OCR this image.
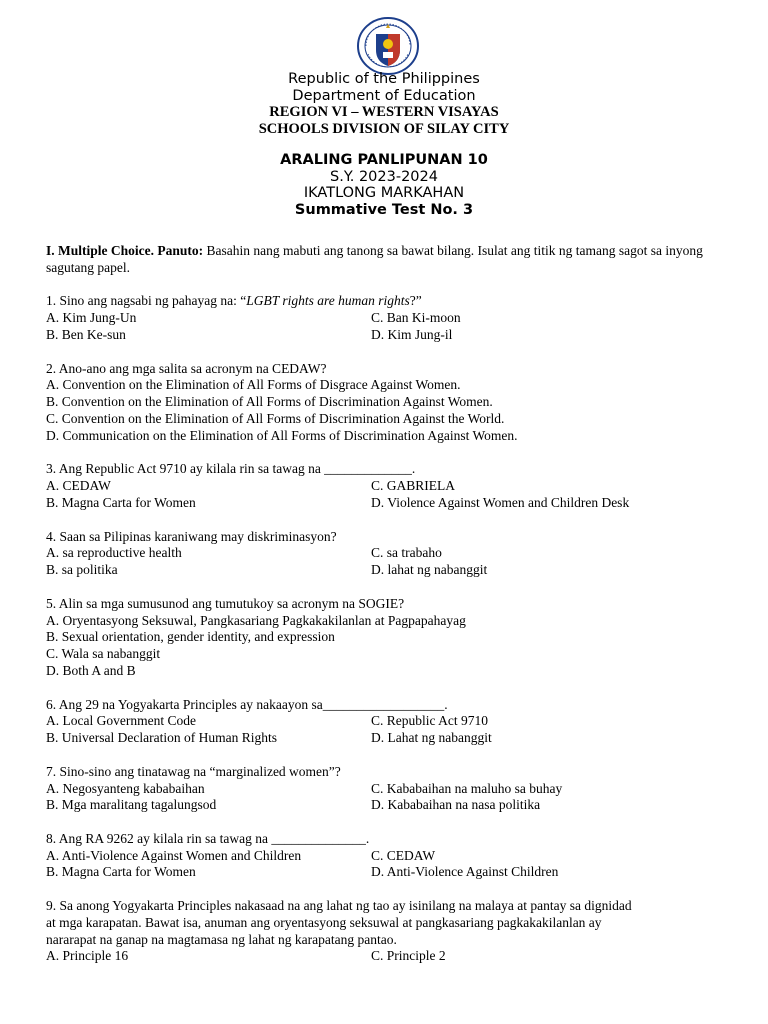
Republic of the Philippines
Department of Education
REGION VI – WESTERN VISAYAS
SCHOOLS DIVISION OF SILAY CITY
ARALING PANLIPUNAN 10
S.Y. 2023-2024
IKATLONG MARKAHAN
Summative Test No. 3
I. Multiple Choice. Panuto: Basahin nang mabuti ang tanong sa bawat bilang. Isulat ang titik ng tamang sagot sa inyong sagutang papel.
1. Sino ang nagsabi ng pahayag na: “LGBT rights are human rights?”
A. Kim Jung-Un	C. Ban Ki-moon
B. Ben Ke-sun	D. Kim Jung-il
2. Ano-ano ang mga salita sa acronym na CEDAW?
A. Convention on the Elimination of All Forms of Disgrace Against Women.
B. Convention on the Elimination of All Forms of Discrimination Against Women.
C. Convention on the Elimination of All Forms of Discrimination Against the World.
D. Communication on the Elimination of All Forms of Discrimination Against Women.
3. Ang Republic Act 9710 ay kilala rin sa tawag na _____________.
A. CEDAW	C. GABRIELA
B. Magna Carta for Women	D. Violence Against Women and Children Desk
4. Saan sa Pilipinas karaniwang may diskriminasyon?
A. sa reproductive health	C. sa trabaho
B. sa politika	D. lahat ng nabanggit
5. Alin sa mga sumusunod ang tumutukoy sa acronym na SOGIE?
A. Oryentasyong Seksuwal, Pangkasariang Pagkakakilanlan at Pagpapahayag
B. Sexual orientation, gender identity, and expression
C. Wala sa nabanggit
D. Both A and B
6. Ang 29 na Yogyakarta Principles ay nakaayon sa__________________.
A. Local Government Code	C. Republic Act 9710
B. Universal Declaration of Human Rights	D. Lahat ng nabanggit
7. Sino-sino ang tinatawag na “marginalized women”?
A. Negosyanteng kababaihan	C. Kababaihan na maluho sa buhay
B. Mga maralitang tagalungsod	D. Kababaihan na nasa politika
8. Ang RA 9262 ay kilala rin sa tawag na ______________.
A. Anti-Violence Against Women and Children	C. CEDAW
B. Magna Carta for Women	D. Anti-Violence Against Children
9. Sa anong Yogyakarta Principles nakasaad na ang lahat ng tao ay isinilang na malaya at pantay sa dignidad
at mga karapatan. Bawat isa, anuman ang oryentasyong seksuwal at pangkasariang pagkakakilanlan ay
nararapat na ganap na magtamasa ng lahat ng karapatang pantao.
A. Principle 16	C. Principle 2
